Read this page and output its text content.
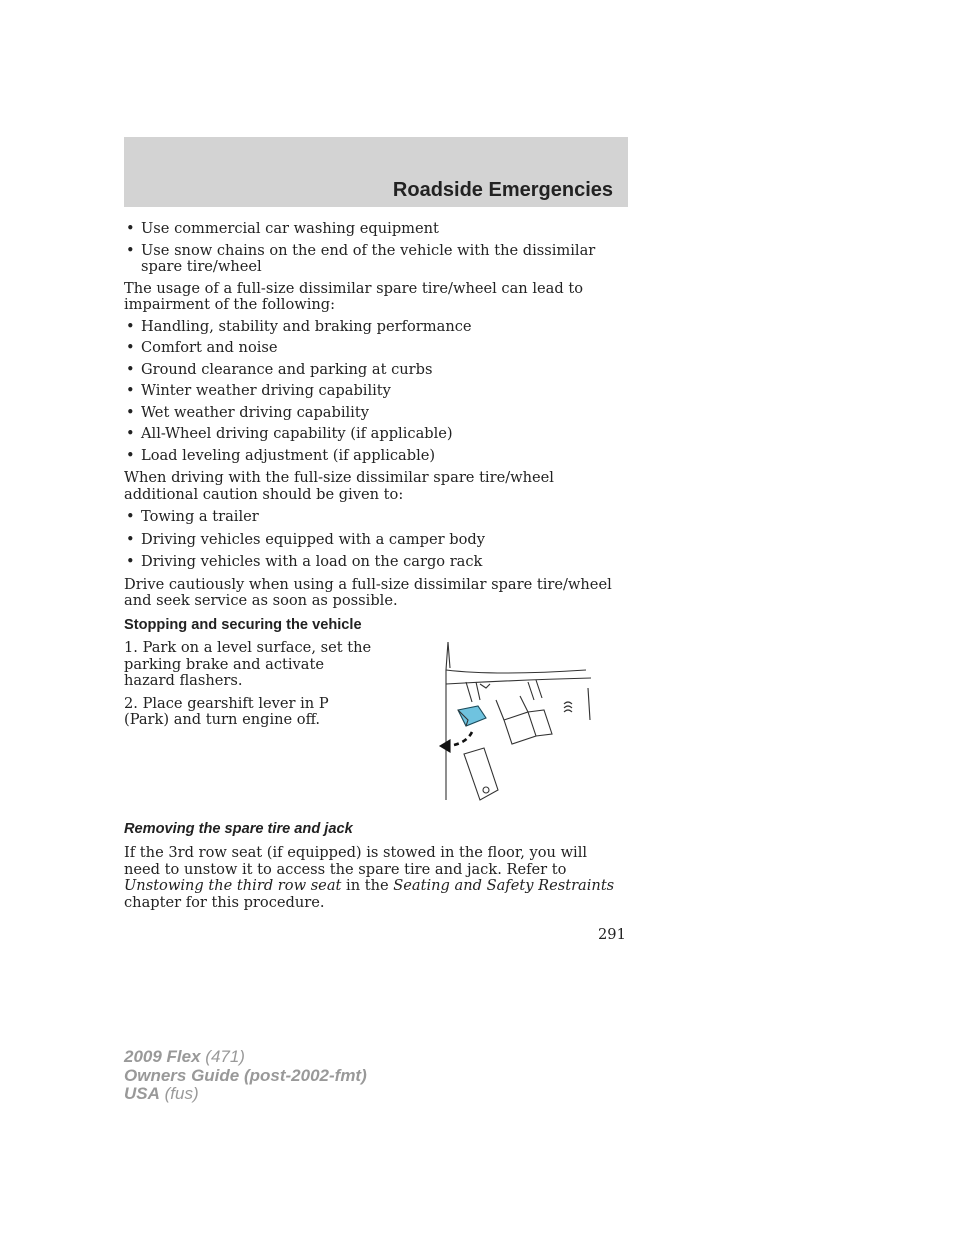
Roadside Emergencies
• Use commercial car washing equipment
• Use snow chains on the end of the vehicle with the dissimilar spare tire/wheel

The usage of a full-size dissimilar spare tire/wheel can lead to impairment of the following:

• Handling, stability and braking performance
• Comfort and noise
• Ground clearance and parking at curbs
• Winter weather driving capability
• Wet weather driving capability
• All-Wheel driving capability (if applicable)
• Load leveling adjustment (if applicable)

When driving with the full-size dissimilar spare tire/wheel additional caution should be given to:

• Towing a trailer
• Driving vehicles equipped with a camper body
• Driving vehicles with a load on the cargo rack

Drive cautiously when using a full-size dissimilar spare tire/wheel and seek service as soon as possible.

Stopping and securing the vehicle

1. Park on a level surface, set the parking brake and activate hazard flashers.

2. Place gearshift lever in P (Park) and turn engine off.

Removing the spare tire and jack

If the 3rd row seat (if equipped) is stowed in the floor, you will need to unstow it to access the spare tire and jack. Refer to Unstowing the third row seat in the Seating and Safety Restraints chapter for this procedure.

291
2009 Flex (471)
Owners Guide (post-2002-fmt)
USA (fus)
